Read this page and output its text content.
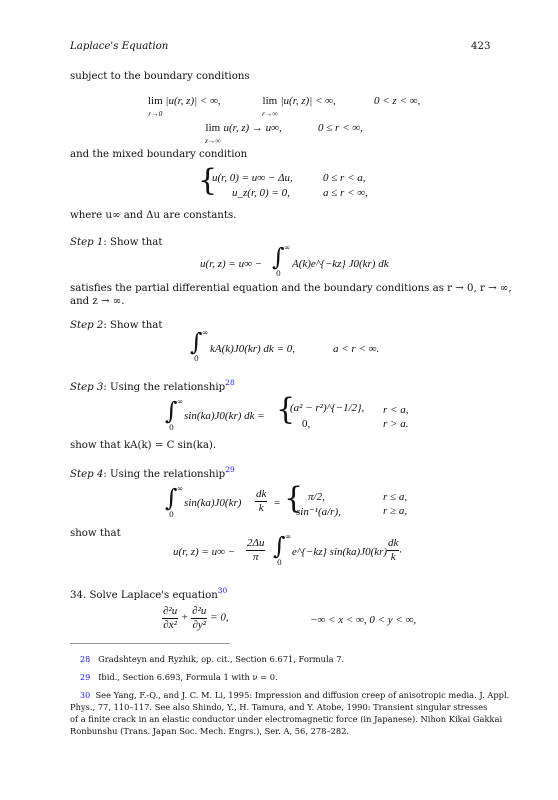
Laplace's Equation	423
subject to the boundary conditions
lim
r→0 |u(r, z)| < ∞,	lim
r→∞ |u(r, z)| < ∞,	0 < z < ∞,
lim
z→∞ u(r, z) → u∞,	0 ≤ r < ∞,
and the mixed boundary condition
{
u(r, 0) = u∞ − Δu,	0 ≤ r < a,
u_z(r, 0) = 0,	a ≤ r < ∞,
where u∞ and Δu are constants.
Step 1: Show that
u(r, z) = u∞ − ∫ ∞
0
A(k)e^{−kz} J0(kr) dk
satisfies the partial differential equation and the boundary conditions as r → 0, r → ∞,
and z → ∞.
Step 2: Show that
∫ ∞
0
kA(k)J0(kr) dk = 0,	a < r < ∞.
Step 3: Using the relationship$^{28}$
∫ ∞
0
sin(ka)J0(kr) dk = {
(a² − r²)^{−1/2}, r < a,
0,	r > a.
show that kA(k) = C sin(ka).
Step 4: Using the relationship$^{29}$
∫ ∞
0
$\sin(ka)J0(kr) \frac{dk}{k}$ = { π/2,	r ≤ a,
sin⁻¹(a/r),	r ≥ a,
show that
u(r, $z) = u\infty - \frac{2\Delta u}{\pi}$ ∫ ∞
0
e^{−kz} $\sin(ka)J0(kr) \frac{dk}{k}$ .
34. Solve Laplace's equation$^{30}$
$\frac{\text{∂²u}}{\text{∂x²}} + \frac{\text{∂²u}}{\text{∂y²}} = 0$,	−∞ < x < ∞, 0 < y < ∞,
28 Gradshteyn and Ryzhik, op. cit., Section 6.671, Formula 7.
29 Ibid., Section 6.693, Formula 1 with ν = 0.
30 See Yang, F.-Q., and J. C. M. Li, 1995: Impression and diffusion creep of anisotropic media. J. Appl.
Phys., 77, 110–117. See also Shindo, Y., H. Tamura, and Y. Atobe, 1990: Transient singular stresses
of a finite crack in an elastic conductor under electromagnetic force (in Japanese). Nihon Kikai Gakkai
Ronbunshu (Trans. Japan Soc. Mech. Engrs.), Ser. A, 56, 278–282.
